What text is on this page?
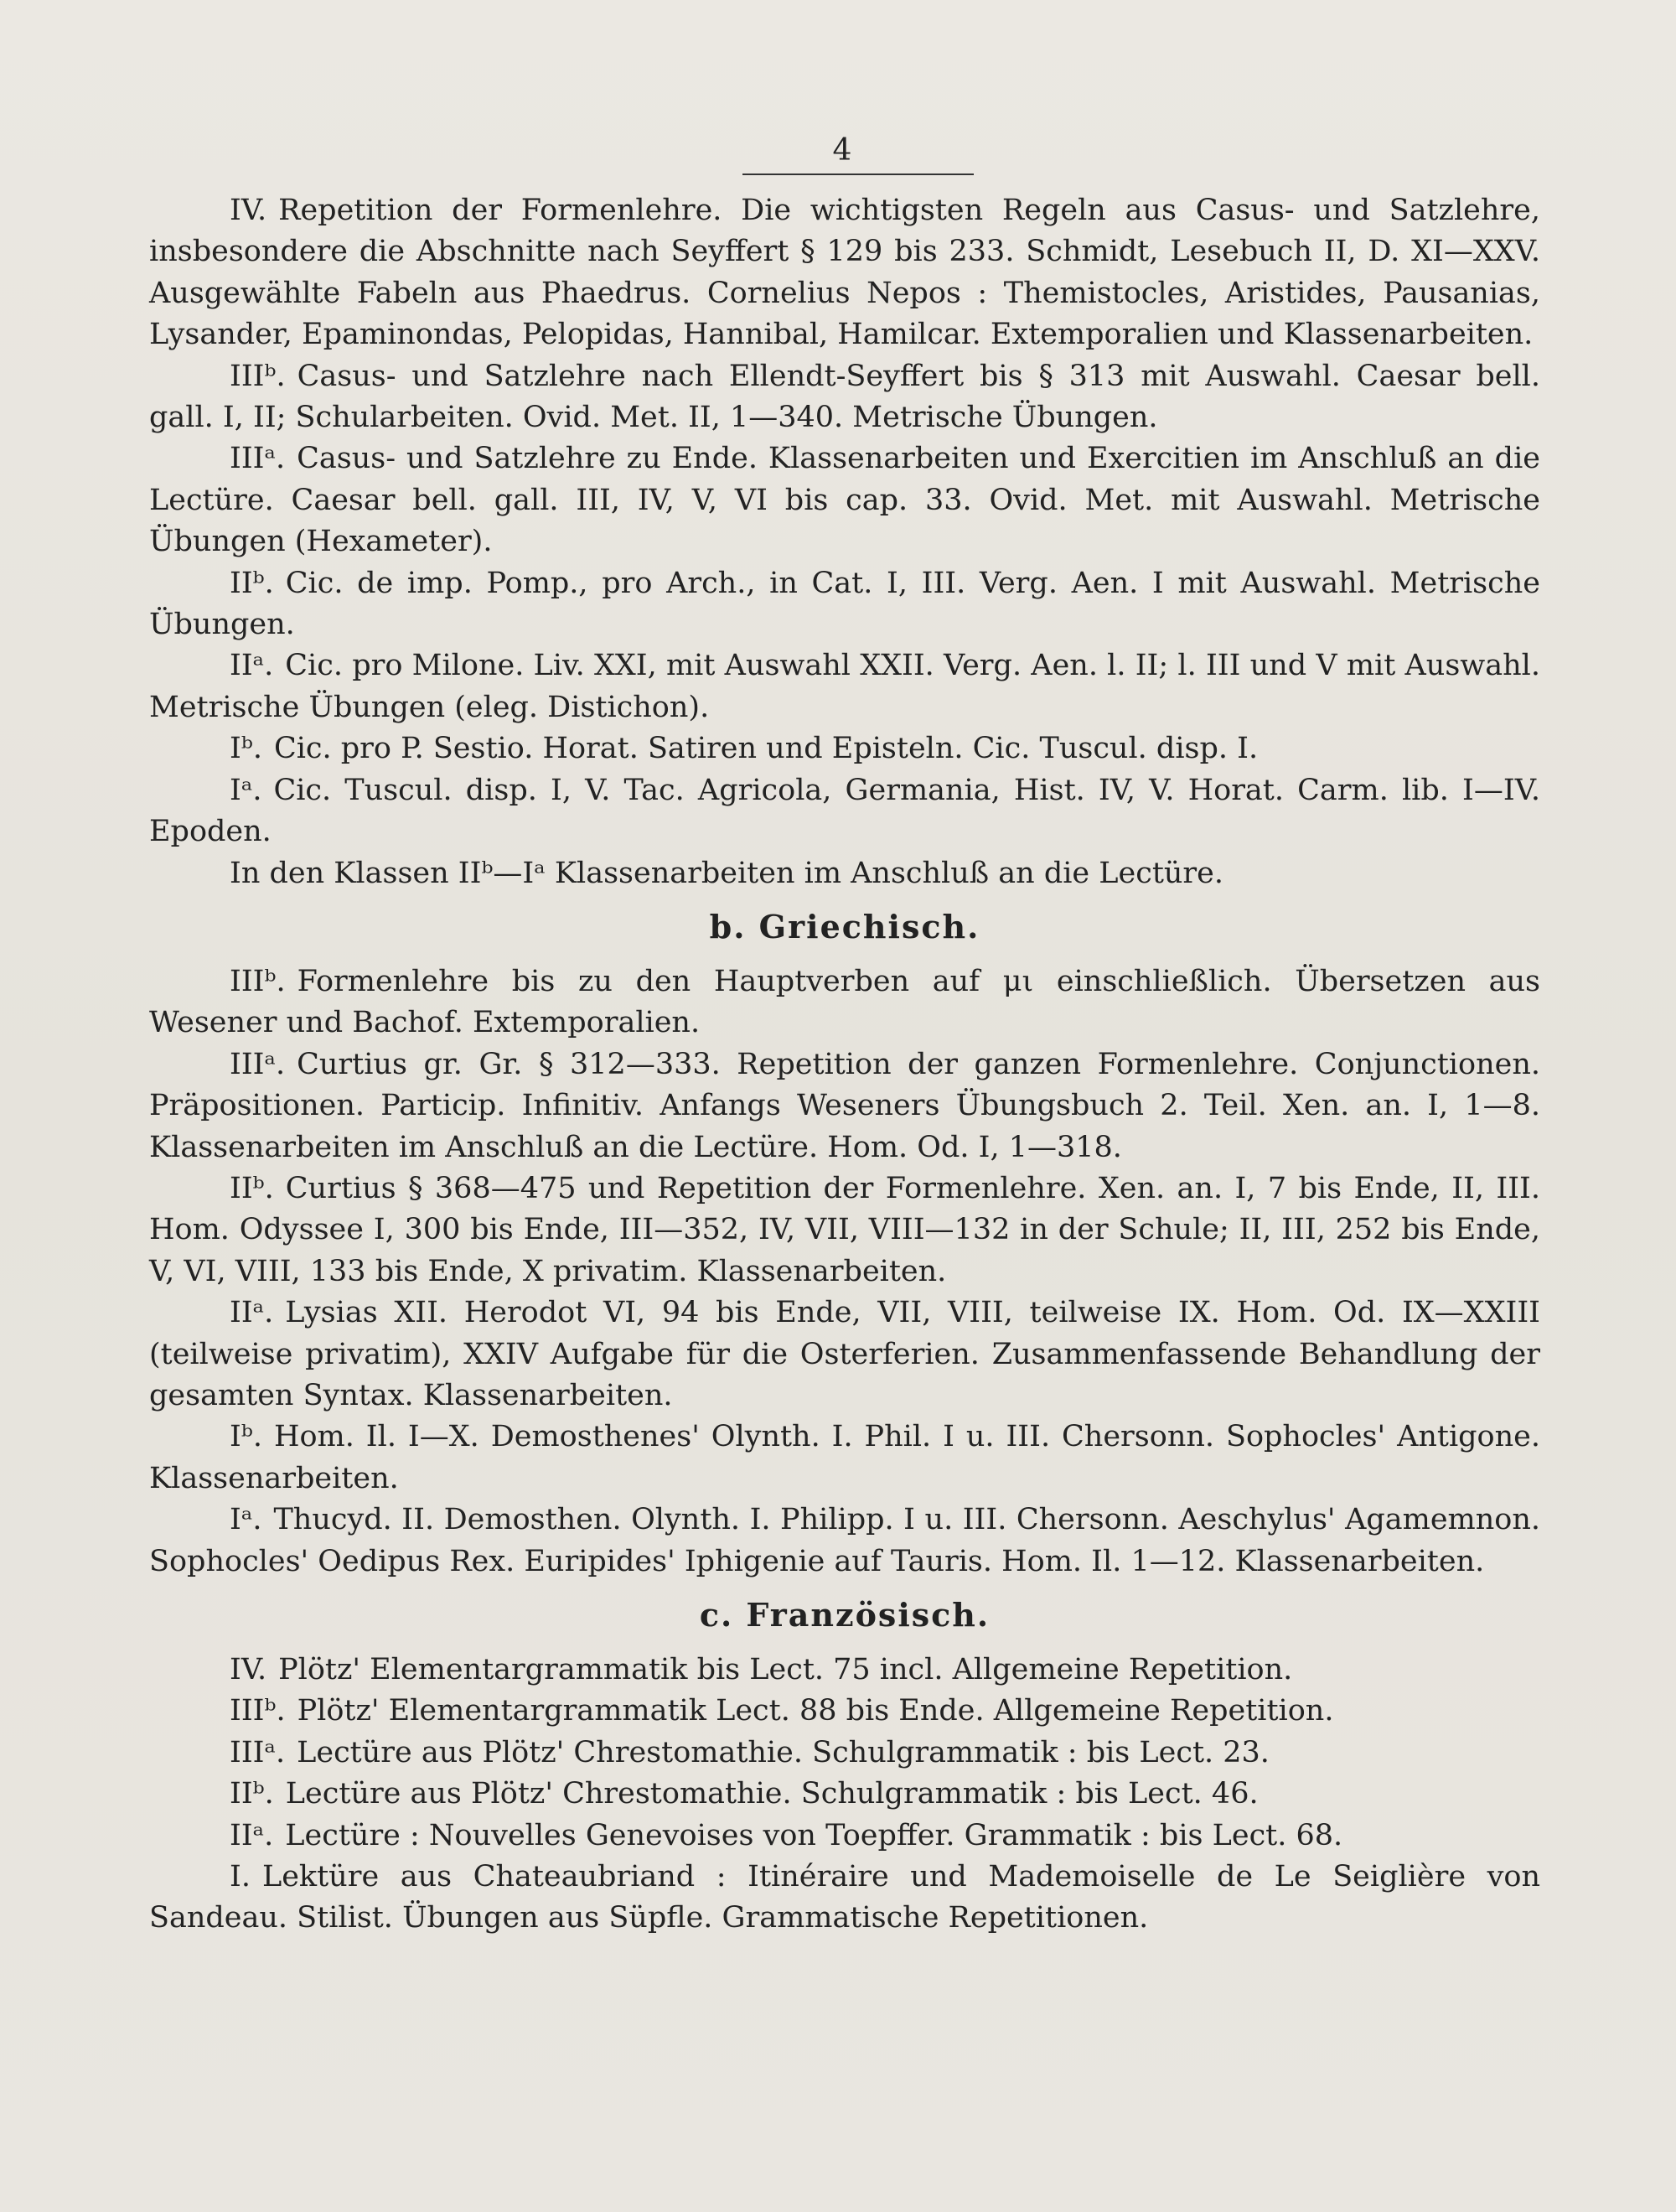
4

IV. Repetition der Formenlehre. Die wichtigsten Regeln aus Casus- und Satzlehre, insbesondere die Abschnitte nach Seyffert § 129 bis 233. Schmidt, Lesebuch II, D. XI—XXV. Ausgewählte Fabeln aus Phaedrus. Cornelius Nepos : Themistocles, Aristides, Pausanias, Lysander, Epaminondas, Pelopidas, Hannibal, Hamilcar. Extemporalien und Klassenarbeiten.

IIIᵇ. Casus- und Satzlehre nach Ellendt-Seyffert bis § 313 mit Auswahl. Caesar bell. gall. I, II; Schularbeiten. Ovid. Met. II, 1—340. Metrische Übungen.

IIIᵃ. Casus- und Satzlehre zu Ende. Klassenarbeiten und Exercitien im Anschluß an die Lectüre. Caesar bell. gall. III, IV, V, VI bis cap. 33. Ovid. Met. mit Auswahl. Metrische Übungen (Hexameter).

IIᵇ. Cic. de imp. Pomp., pro Arch., in Cat. I, III. Verg. Aen. I mit Auswahl. Metrische Übungen.

IIᵃ. Cic. pro Milone. Liv. XXI, mit Auswahl XXII. Verg. Aen. l. II; l. III und V mit Auswahl. Metrische Übungen (eleg. Distichon).

Iᵇ. Cic. pro P. Sestio. Horat. Satiren und Episteln. Cic. Tuscul. disp. I.

Iᵃ. Cic. Tuscul. disp. I, V. Tac. Agricola, Germania, Hist. IV, V. Horat. Carm. lib. I—IV. Epoden.

In den Klassen IIᵇ—Iᵃ Klassenarbeiten im Anschluß an die Lectüre.

b. Griechisch.

IIIᵇ. Formenlehre bis zu den Hauptverben auf μι einschließlich. Übersetzen aus Wesener und Bachof. Extemporalien.

IIIᵃ. Curtius gr. Gr. § 312—333. Repetition der ganzen Formenlehre. Conjunctionen. Präpositionen. Particip. Infinitiv. Anfangs Weseners Übungsbuch 2. Teil. Xen. an. I, 1—8. Klassenarbeiten im Anschluß an die Lectüre. Hom. Od. I, 1—318.

IIᵇ. Curtius § 368—475 und Repetition der Formenlehre. Xen. an. I, 7 bis Ende, II, III. Hom. Odyssee I, 300 bis Ende, III—352, IV, VII, VIII—132 in der Schule; II, III, 252 bis Ende, V, VI, VIII, 133 bis Ende, X privatim. Klassenarbeiten.

IIᵃ. Lysias XII. Herodot VI, 94 bis Ende, VII, VIII, teilweise IX. Hom. Od. IX—XXIII (teilweise privatim), XXIV Aufgabe für die Osterferien. Zusammenfassende Behandlung der gesamten Syntax. Klassenarbeiten.

Iᵇ. Hom. Il. I—X. Demosthenes' Olynth. I. Phil. I u. III. Chersonn. Sophocles' Antigone. Klassenarbeiten.

Iᵃ. Thucyd. II. Demosthen. Olynth. I. Philipp. I u. III. Chersonn. Aeschylus' Agamemnon. Sophocles' Oedipus Rex. Euripides' Iphigenie auf Tauris. Hom. Il. 1—12. Klassenarbeiten.

c. Französisch.

IV. Plötz' Elementargrammatik bis Lect. 75 incl. Allgemeine Repetition.

IIIᵇ. Plötz' Elementargrammatik Lect. 88 bis Ende. Allgemeine Repetition.

IIIᵃ. Lectüre aus Plötz' Chrestomathie. Schulgrammatik : bis Lect. 23.

IIᵇ. Lectüre aus Plötz' Chrestomathie. Schulgrammatik : bis Lect. 46.

IIᵃ. Lectüre : Nouvelles Genevoises von Toepffer. Grammatik : bis Lect. 68.

I. Lektüre aus Chateaubriand : Itinéraire und Mademoiselle de Le Seiglière von Sandeau. Stilist. Übungen aus Süpfle. Grammatische Repetitionen.
